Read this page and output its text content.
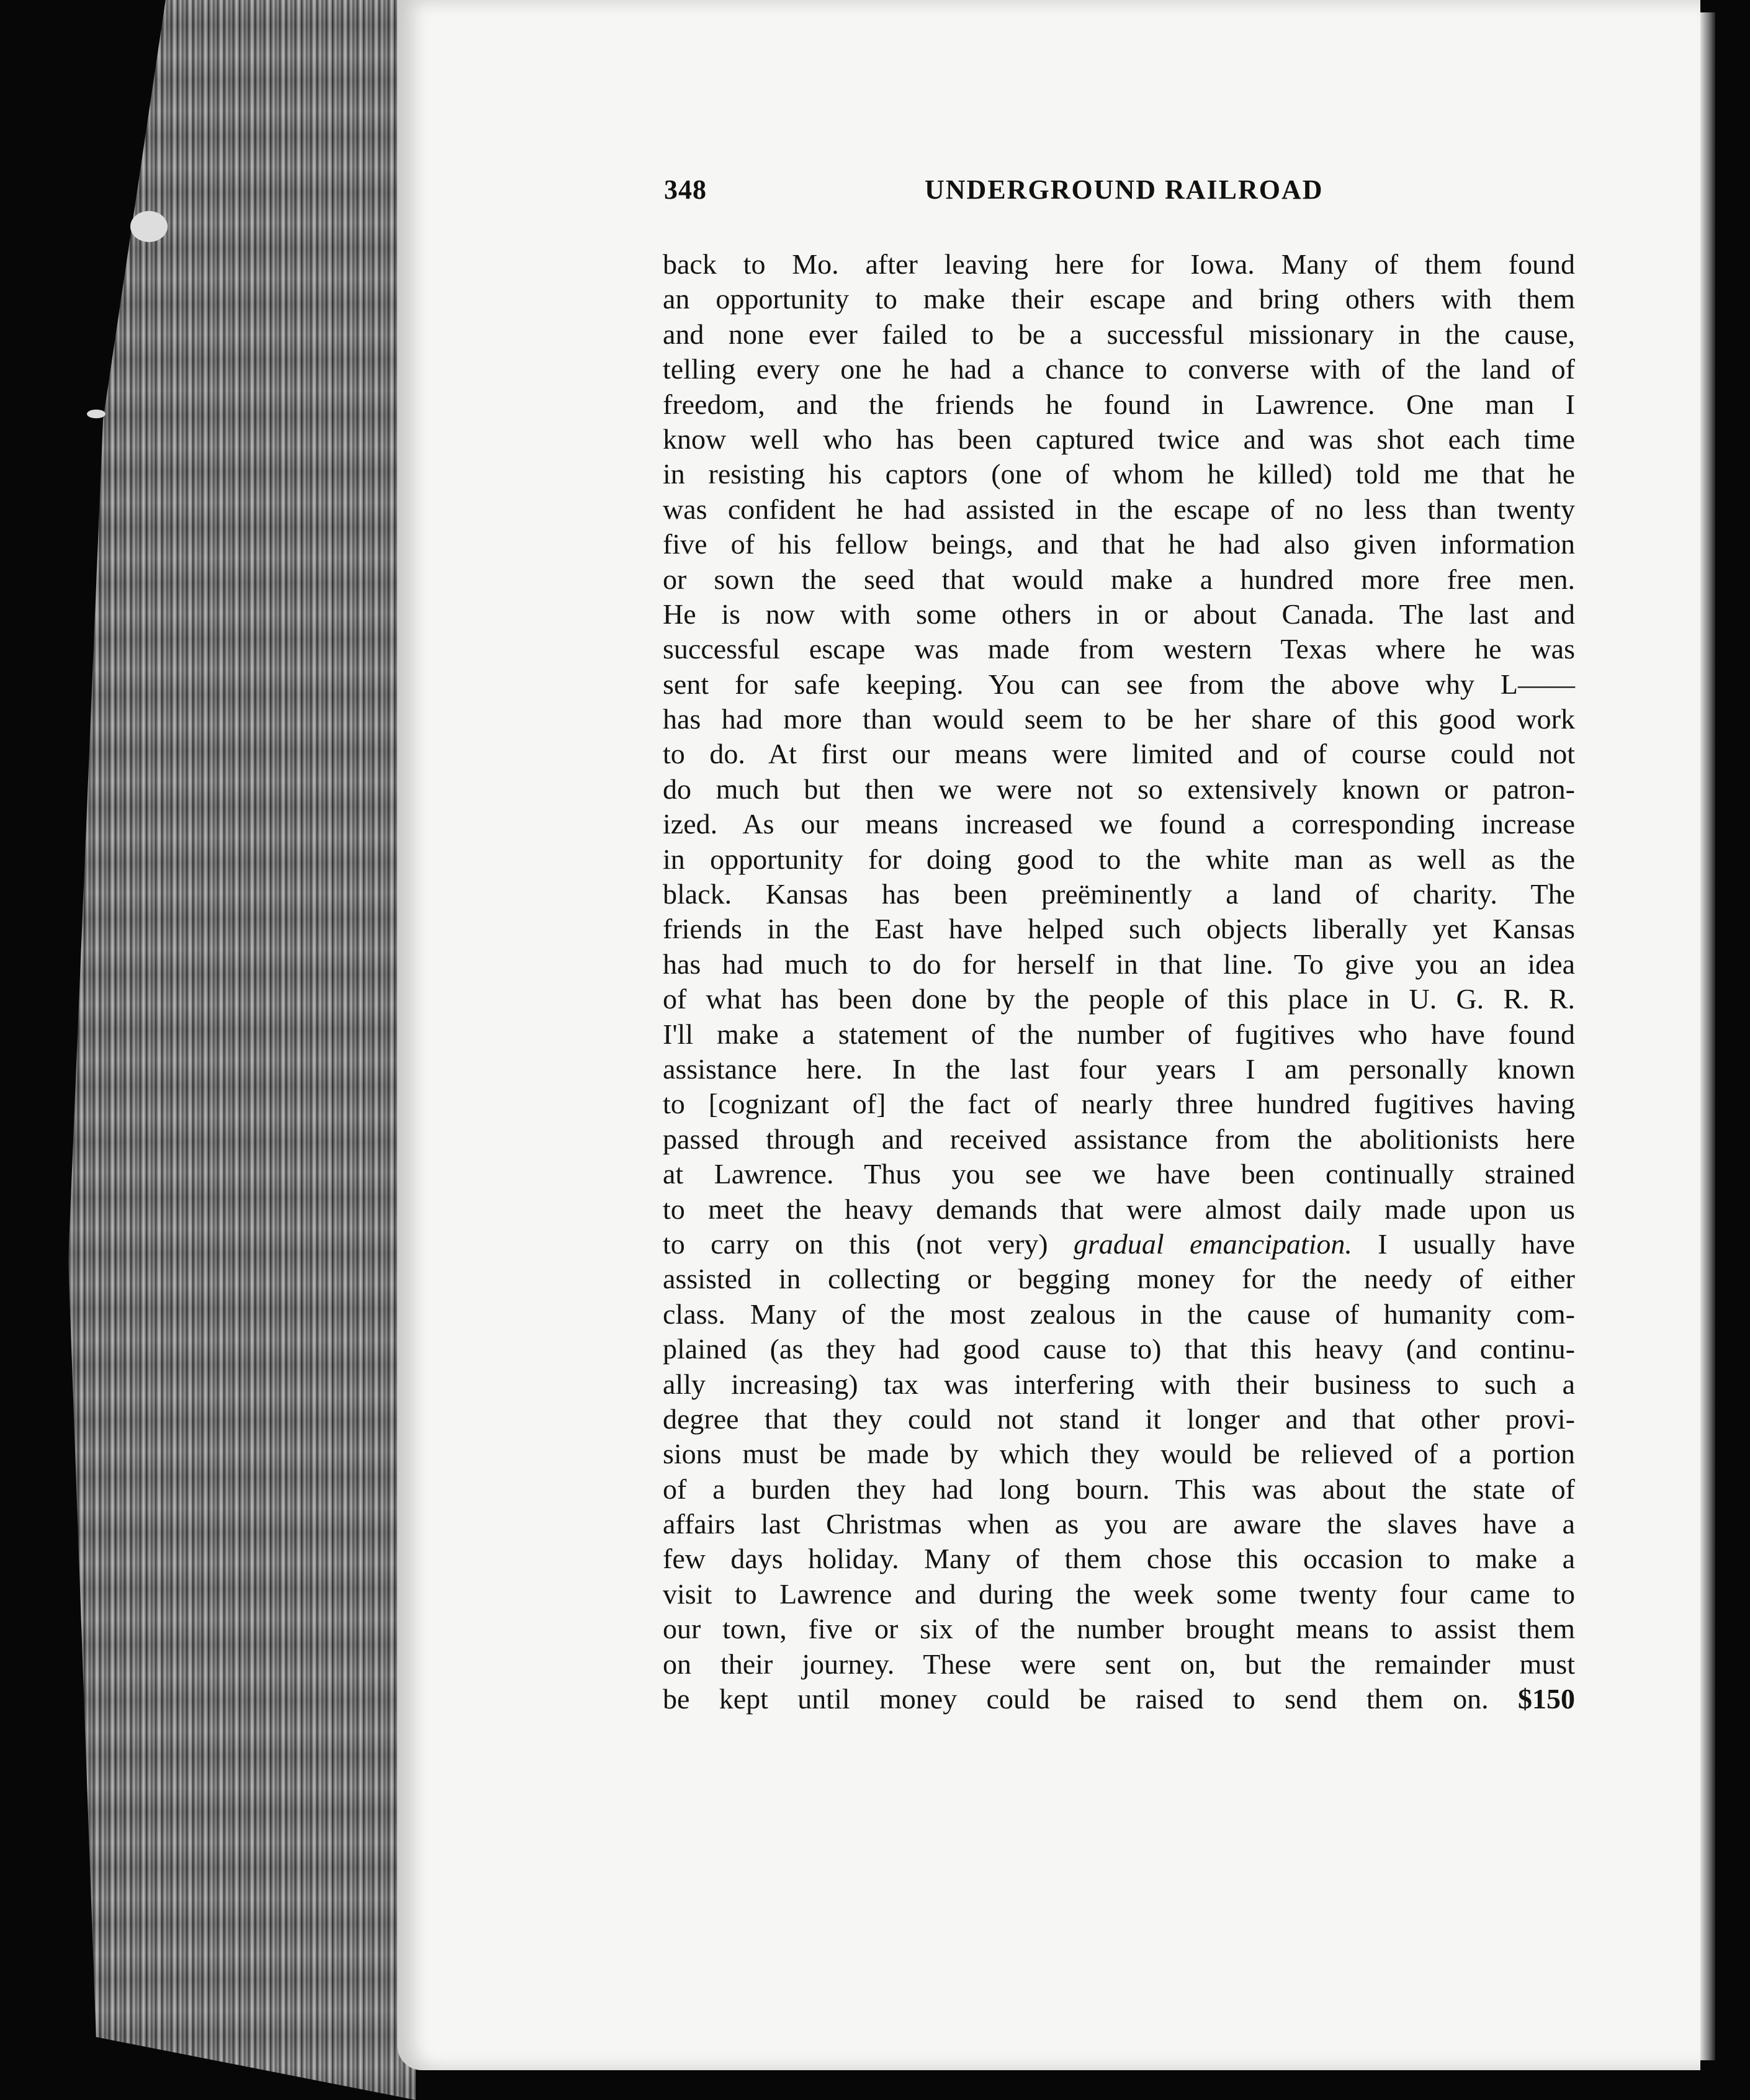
348	UNDERGROUND RAILROAD
back to Mo. after leaving here for Iowa. Many of them found
an opportunity to make their escape and bring others with them
and none ever failed to be a successful missionary in the cause,
telling every one he had a chance to converse with of the land of
freedom, and the friends he found in Lawrence. One man I
know well who has been captured twice and was shot each time
in resisting his captors (one of whom he killed) told me that he
was confident he had assisted in the escape of no less than twenty
five of his fellow beings, and that he had also given information
or sown the seed that would make a hundred more free men.
He is now with some others in or about Canada. The last and
successful escape was made from western Texas where he was
sent for safe keeping. You can see from the above why L——
has had more than would seem to be her share of this good work
to do. At first our means were limited and of course could not
do much but then we were not so extensively known or patron-
ized. As our means increased we found a corresponding increase
in opportunity for doing good to the white man as well as the
black. Kansas has been preëminently a land of charity. The
friends in the East have helped such objects liberally yet Kansas
has had much to do for herself in that line. To give you an idea
of what has been done by the people of this place in U. G. R. R.
I'll make a statement of the number of fugitives who have found
assistance here. In the last four years I am personally known
to [cognizant of] the fact of nearly three hundred fugitives having
passed through and received assistance from the abolitionists here
at Lawrence. Thus you see we have been continually strained
to meet the heavy demands that were almost daily made upon us
to carry on this (not very) gradual emancipation. I usually have
assisted in collecting or begging money for the needy of either
class. Many of the most zealous in the cause of humanity com-
plained (as they had good cause to) that this heavy (and continu-
ally increasing) tax was interfering with their business to such a
degree that they could not stand it longer and that other provi-
sions must be made by which they would be relieved of a portion
of a burden they had long bourn. This was about the state of
affairs last Christmas when as you are aware the slaves have a
few days holiday. Many of them chose this occasion to make a
visit to Lawrence and during the week some twenty four came to
our town, five or six of the number brought means to assist them
on their journey. These were sent on, but the remainder must
be kept until money could be raised to send them on. $150
